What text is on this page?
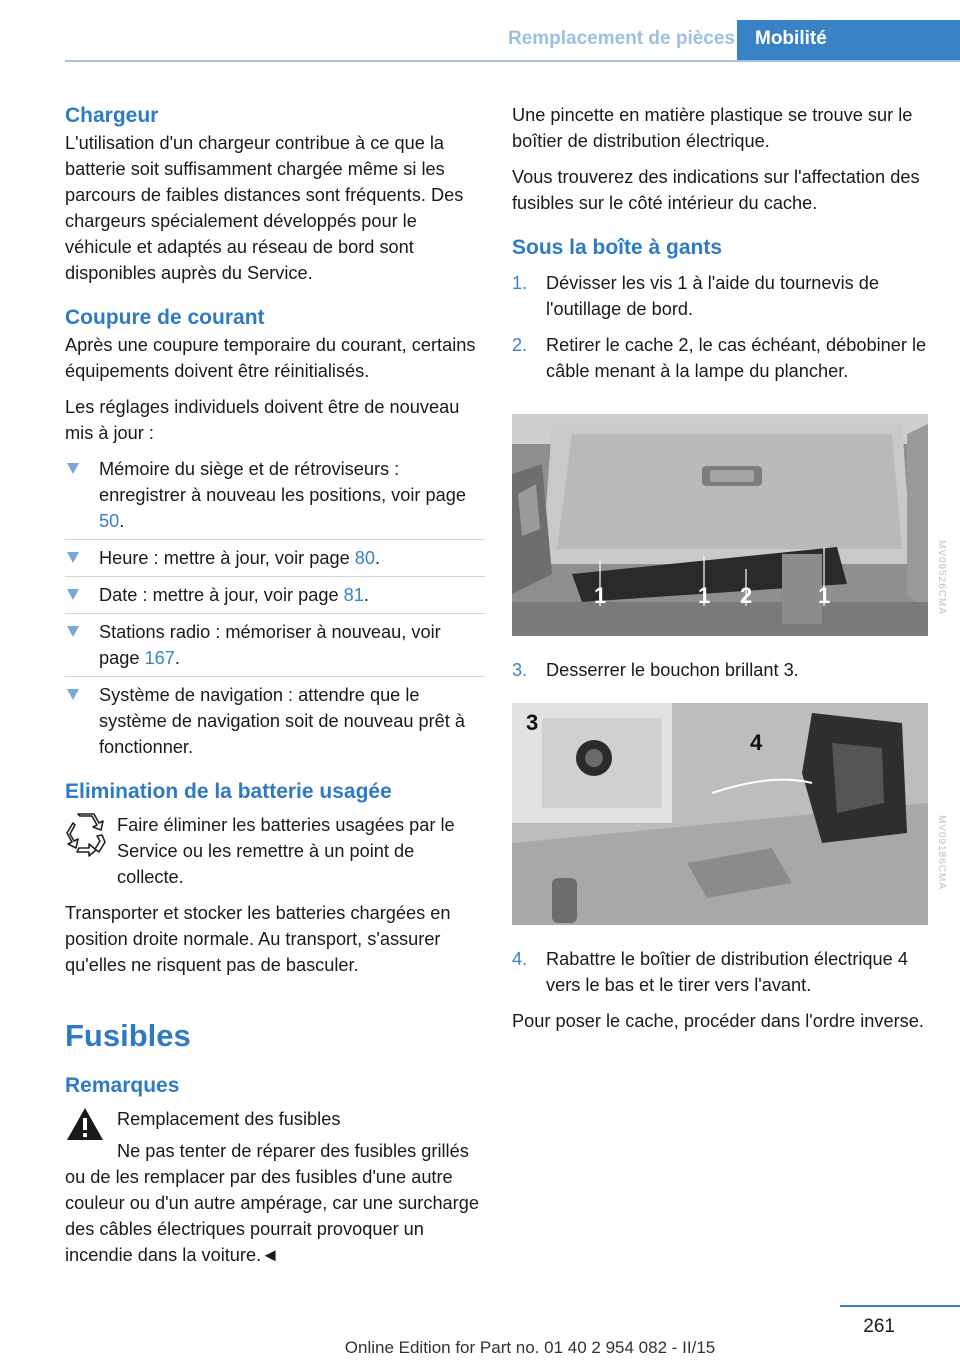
Remplacement de pièces	Mobilité
Chargeur

L'utilisation d'un chargeur contribue à ce que la batterie soit suffisamment chargée même si les parcours de faibles distances sont fréquents. Des chargeurs spécialement développés pour le véhicule et adaptés au réseau de bord sont disponibles auprès du Service.

Coupure de courant

Après une coupure temporaire du courant, certains équipements doivent être réinitialisés.

Les réglages individuels doivent être de nouveau mis à jour :

Mémoire du siège et de rétroviseurs : enregistrer à nouveau les positions, voir page 50.
Heure : mettre à jour, voir page 80.
Date : mettre à jour, voir page 81.
Stations radio : mémoriser à nouveau, voir page 167.
Système de navigation : attendre que le système de navigation soit de nouveau prêt à fonctionner.
Elimination de la batterie usagée

Faire éliminer les batteries usagées par le Service ou les remettre à un point de collecte.

Transporter et stocker les batteries chargées en position droite normale. Au transport, s'assurer qu'elles ne risquent pas de basculer.

Fusibles
Remarques
Remplacement des fusibles

Ne pas tenter de réparer des fusibles grillés ou de les remplacer par des fusibles d'une autre couleur ou d'un autre ampérage, car une surcharge des câbles électriques pourrait provoquer un incendie dans la voiture.◄

Une pincette en matière plastique se trouve sur le boîtier de distribution électrique.

Vous trouverez des indications sur l'affectation des fusibles sur le côté intérieur du cache.

Sous la boîte à gants
1. Dévisser les vis 1 à l'aide du tournevis de l'outillage de bord.
2. Retirer le cache 2, le cas échéant, débobiner le câble menant à la lampe du plancher.
3. Desserrer le bouchon brillant 3.
4. Rabattre le boîtier de distribution électrique 4 vers le bas et le tirer vers l'avant.

Pour poser le cache, procéder dans l'ordre inverse.

1	1 2	1
3
4
MV09526CMA
MV09186CMA
261
Online Edition for Part no. 01 40 2 954 082 - II/15
